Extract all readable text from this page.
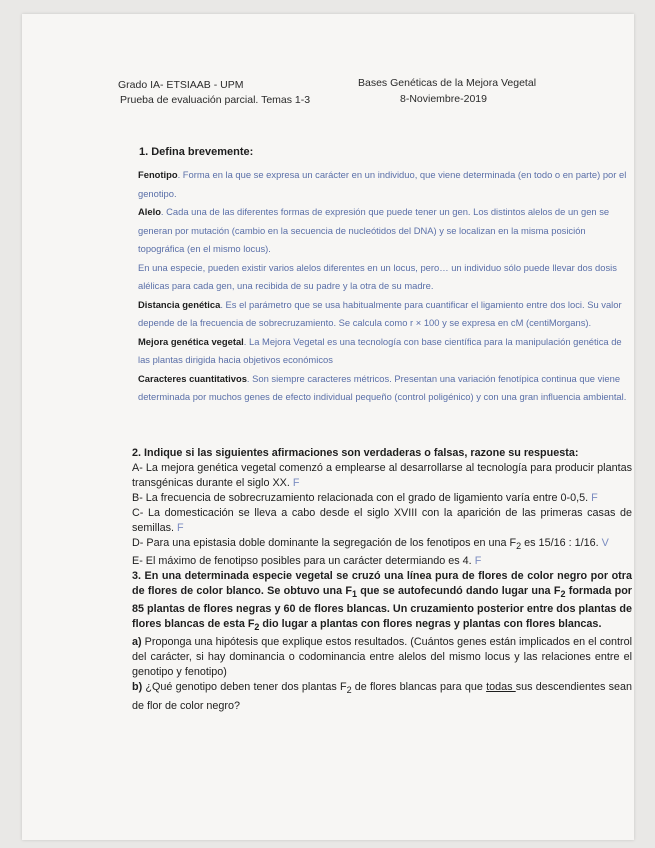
Grado IA- ETSIAAB - UPM
Prueba de evaluación parcial. Temas 1-3
Bases Genéticas de la Mejora Vegetal
8-Noviembre-2019
1. Defina brevemente:
Fenotipo. Forma en la que se expresa un carácter en un individuo, que viene determinada (en todo o en parte) por el genotipo.
Alelo. Cada una de las diferentes formas de expresión que puede tener un gen. Los distintos alelos de un gen se generan por mutación (cambio en la secuencia de nucleótidos del DNA) y se localizan en la misma posición topográfica (en el mismo locus).
En una especie, pueden existir varios alelos diferentes en un locus, pero… un individuo sólo puede llevar dos dosis alélicas para cada gen, una recibida de su padre y la otra de su madre.
Distancia genética. Es el parámetro que se usa habitualmente para cuantificar el ligamiento entre dos loci. Su valor depende de la frecuencia de sobrecruzamiento. Se calcula como r × 100 y se expresa en cM (centiMorgans).
Mejora genética vegetal. La Mejora Vegetal es una tecnología con base científica para la manipulación genética de las plantas dirigida hacia objetivos económicos
Caracteres cuantitativos. Son siempre caracteres métricos. Presentan una variación fenotípica continua que viene determinada por muchos genes de efecto individual pequeño (control poligénico) y con una gran influencia ambiental.
2. Indique si las siguientes afirmaciones son verdaderas o falsas, razone su respuesta:
A- La mejora genética vegetal comenzó a emplearse al desarrollarse al tecnología para producir plantas transgénicas durante el siglo XX. F
B- La frecuencia de sobrecruzamiento relacionada con el grado de ligamiento varía entre 0-0,5. F
C- La domesticación se lleva a cabo desde el siglo XVIII con la aparición de las primeras casas de semillas. F
D- Para una epistasia doble dominante la segregación de los fenotipos en una $F_2$ es 15/16 : 1/16. V
E- El máximo de fenotipso posibles para un carácter determiando es 4. F
3. En una determinada especie vegetal se cruzó una línea pura de flores de color negro por otra de flores de color blanco. Se obtuvo una $F_1$ que se autofecundó dando lugar una $F_2$ formada por 85 plantas de flores negras y 60 de flores blancas. Un cruzamiento posterior entre dos plantas de flores blancas de esta $F_2$ dio lugar a plantas con flores negras y plantas con flores blancas.
a) Proponga una hipótesis que explique estos resultados. (Cuántos genes están implicados en el control del carácter, si hay dominancia o codominancia entre alelos del mismo locus y las relaciones entre el genotipo y fenotipo)
b) ¿Qué genotipo deben tener dos plantas $F_2$ de flores blancas para que todas sus descendientes sean de flor de color negro?
